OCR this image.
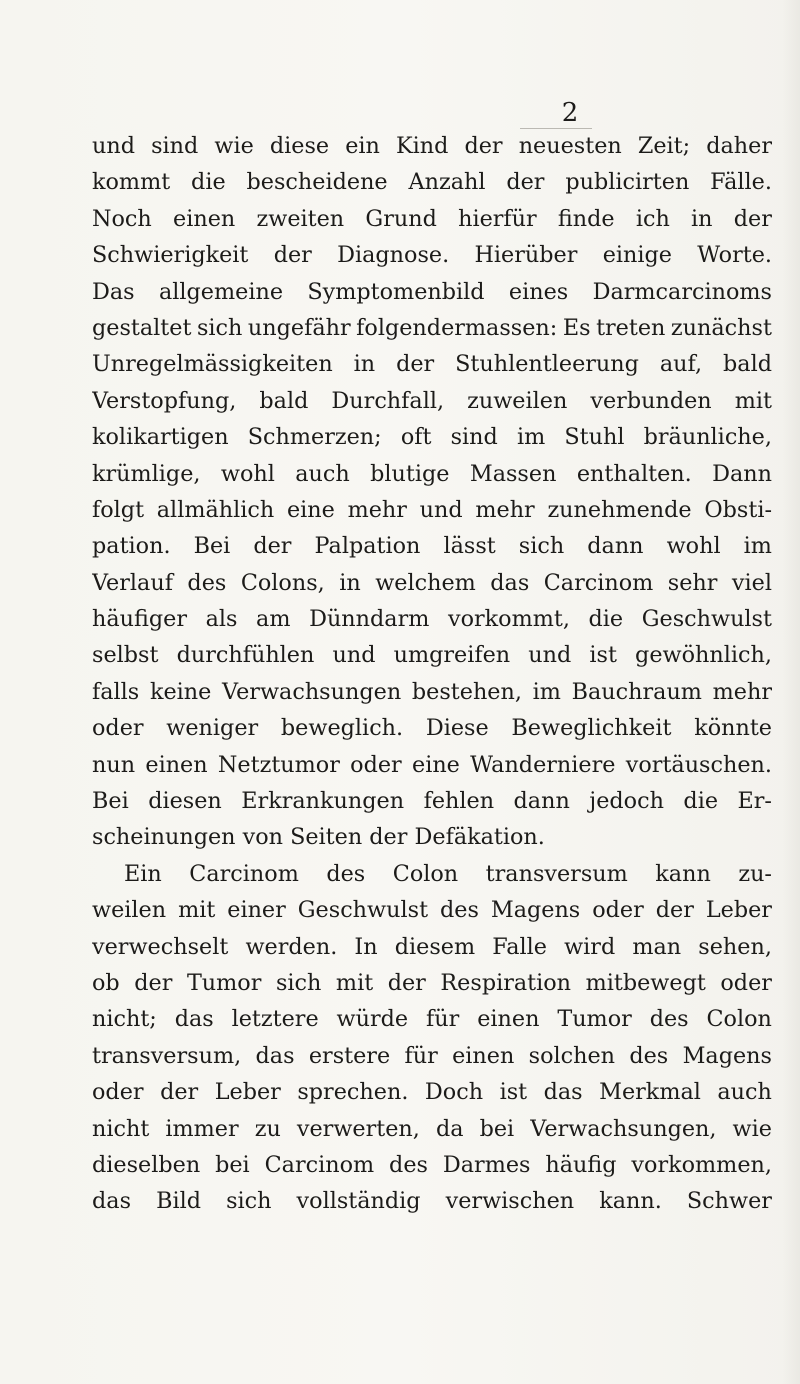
2
und sind wie diese ein Kind der neuesten Zeit; daher
kommt die bescheidene Anzahl der publicirten Fälle.
Noch einen zweiten Grund hierfür finde ich in der
Schwierigkeit der Diagnose. Hierüber einige Worte.
Das allgemeine Symptomenbild eines Darmcarcinoms
gestaltet sich ungefähr folgendermassen: Es treten zunächst
Unregelmässigkeiten in der Stuhlentleerung auf, bald
Verstopfung, bald Durchfall, zuweilen verbunden mit
kolikartigen Schmerzen; oft sind im Stuhl bräunliche,
krümlige, wohl auch blutige Massen enthalten. Dann
folgt allmählich eine mehr und mehr zunehmende Obsti-
pation. Bei der Palpation lässt sich dann wohl im
Verlauf des Colons, in welchem das Carcinom sehr viel
häufiger als am Dünndarm vorkommt, die Geschwulst
selbst durchfühlen und umgreifen und ist gewöhnlich,
falls keine Verwachsungen bestehen, im Bauchraum mehr
oder weniger beweglich. Diese Beweglichkeit könnte
nun einen Netztumor oder eine Wanderniere vortäuschen.
Bei diesen Erkrankungen fehlen dann jedoch die Er-
scheinungen von Seiten der Defäkation.
Ein Carcinom des Colon transversum kann zu-
weilen mit einer Geschwulst des Magens oder der Leber
verwechselt werden. In diesem Falle wird man sehen,
ob der Tumor sich mit der Respiration mitbewegt oder
nicht; das letztere würde für einen Tumor des Colon
transversum, das erstere für einen solchen des Magens
oder der Leber sprechen. Doch ist das Merkmal auch
nicht immer zu verwerten, da bei Verwachsungen, wie
dieselben bei Carcinom des Darmes häufig vorkommen,
das Bild sich vollständig verwischen kann. Schwer
